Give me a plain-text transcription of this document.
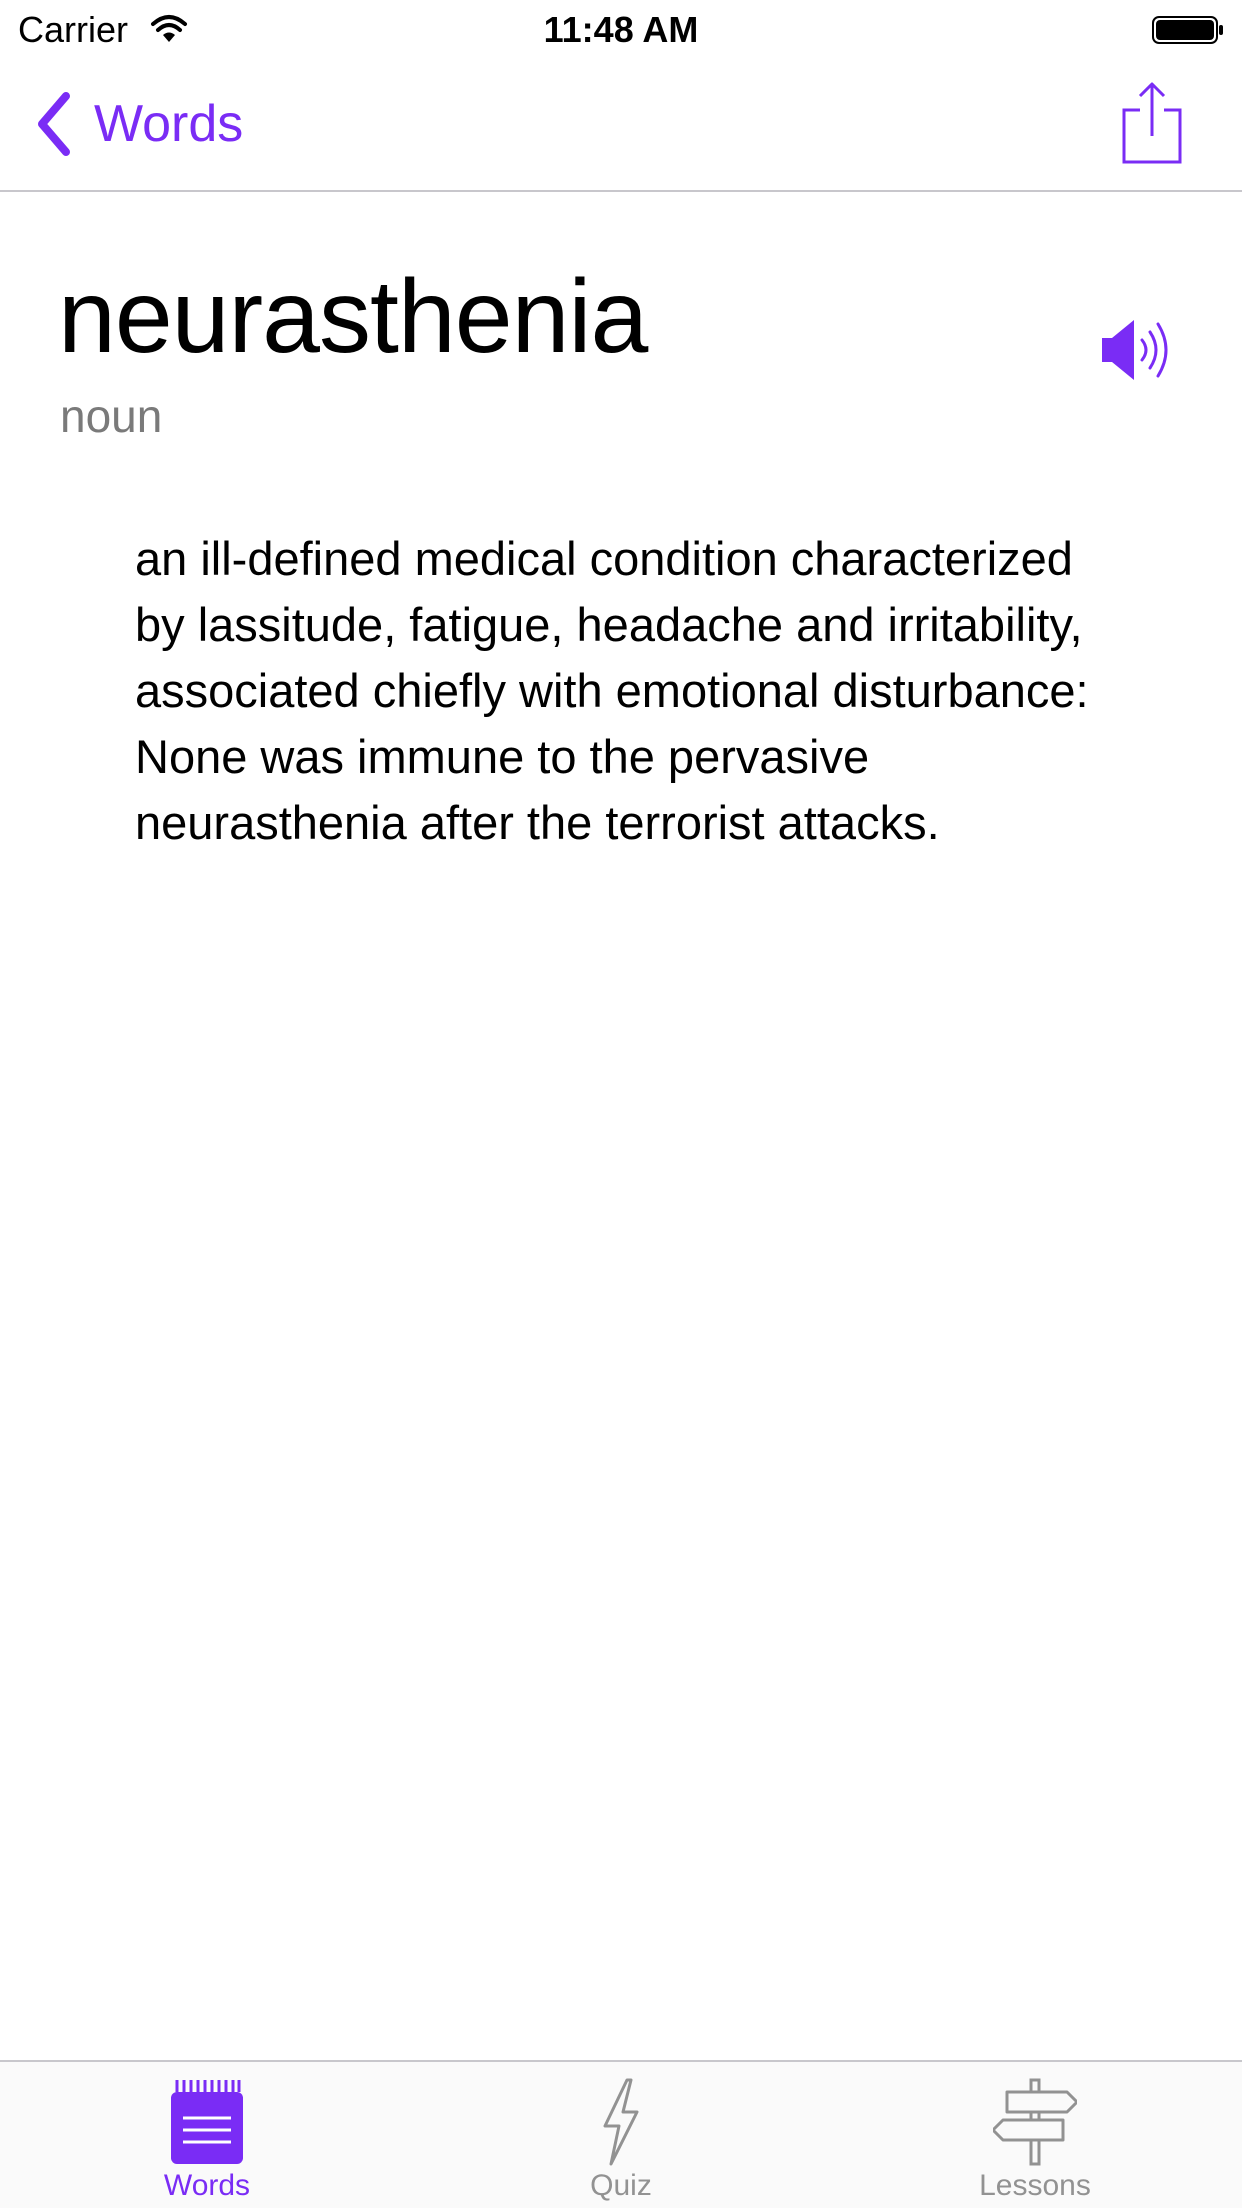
Carrier	11:48 AM
Words
neurasthenia
noun

an ill-defined medical condition characterized by lassitude, fatigue, headache and irritability, associated chiefly with emotional disturbance: None was immune to the pervasive neurasthenia after the terrorist attacks.

Words	Quiz	Lessons
